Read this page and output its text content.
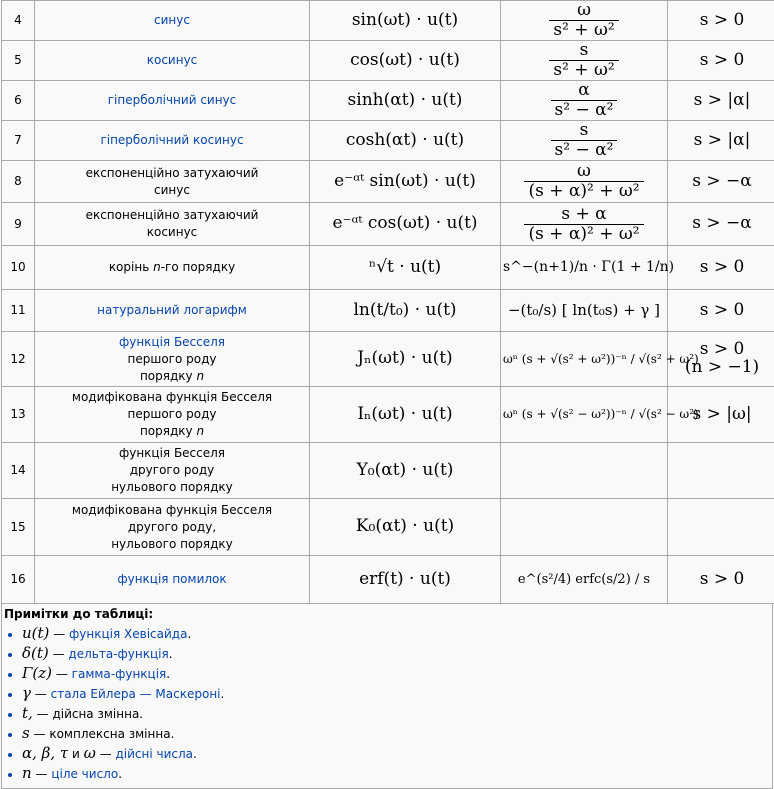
4	синус	sin(ωt) · u(t)	$\frac{\omega}{\text{s² + ω²}}$	s > 0
5	косинус	cos(ωt) · u(t)	$\frac{s}{\text{s² + ω²}}$	s > 0
6	гіперболічний синус	sinh(αt) · u(t)	$\frac{\alpha}{\text{s² − α²}}$	s > |α|
7	гіперболічний косинус	cosh(αt) · u(t)	$\frac{s}{\text{s² − α²}}$	s > |α|
8	експоненційно затухаючий
синус	e⁻ᵅᵗ sin(ωt) · u(t)	$\frac{\omega}{\text{(s + α)² + ω²}}$	s > −α
9	експоненційно затухаючий
косинус	e⁻ᵅᵗ cos(ωt) · u(t)	$\frac{s + \alpha}{\text{(s + α)² + ω²}}$	s > −α
10	корінь n-го порядку	ⁿ√t · u(t)	s^−(n+1)/n · Γ(1 + 1/n)	s > 0
11	натуральний логарифм	ln(t/t₀) · u(t)	−(t₀/s) [ ln(t₀s) + γ ]	s > 0
12	функція Бесселя
першого роду
порядку n	Jₙ(ωt) · u(t)	ωⁿ (s + √(s² + ω²))⁻ⁿ / √(s² + ω²)	s > 0
(n > −1)
13	модифікована функція Бесселя
першого роду
порядку n	Iₙ(ωt) · u(t)	ωⁿ (s + √(s² − ω²))⁻ⁿ / √(s² − ω²)	s > |ω|
14	функція Бесселя
другого роду
нульового порядку	Y₀(αt) · u(t)		
15	модифікована функція Бесселя
другого роду,
нульового порядку	K₀(αt) · u(t)		
16	функція помилок	erf(t) · u(t)	e^(s²/4) erfc(s/2) / s	s > 0
Примітки до таблиці:
• u(t) — функція Хевісайда.
• δ(t) — дельта-функція.
• Γ(z) — гамма-функція.
• γ — стала Ейлера — Маскероні.
• t, — дійсна змінна.
• s — комплексна змінна.
• α, β, τ и ω — дійсні числа.
• n — ціле число.
